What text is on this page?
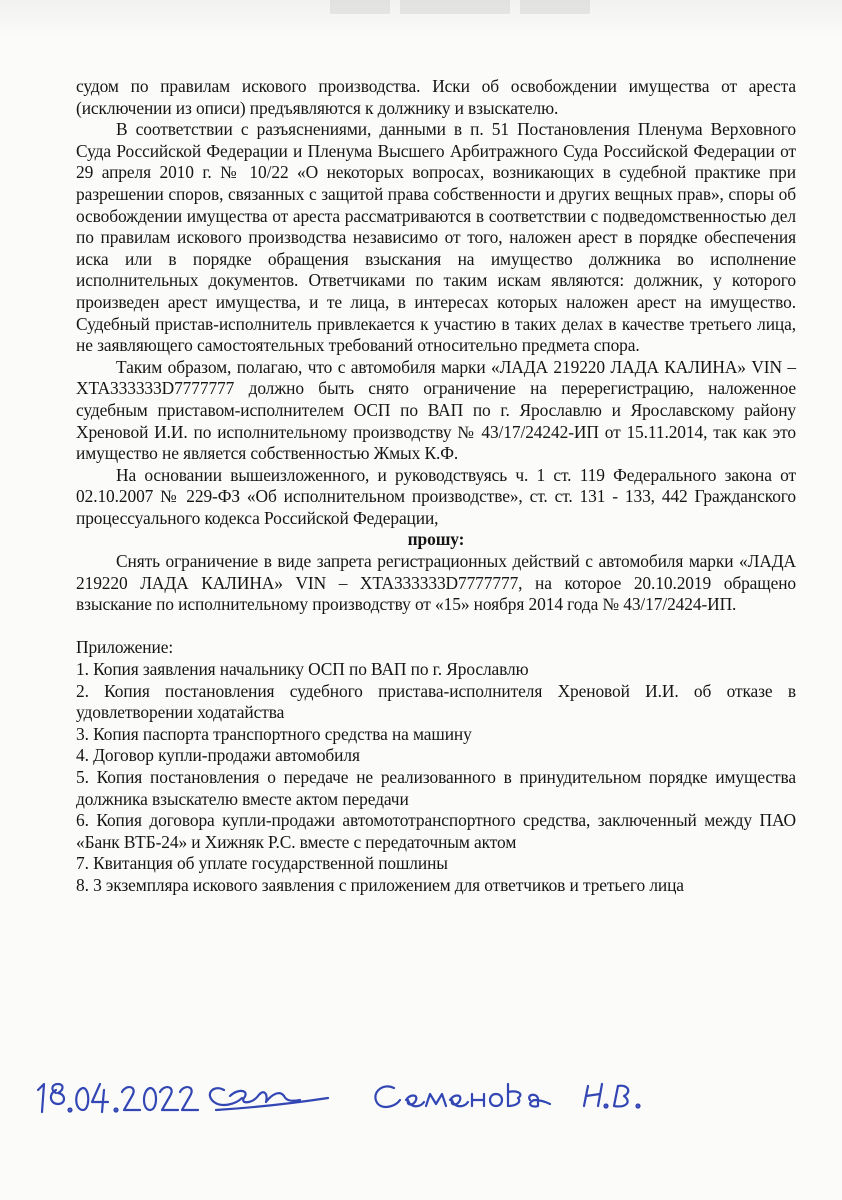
судом по правилам искового производства. Иски об освобождении имущества от ареста (исключении из описи) предъявляются к должнику и взыскателю.

В соответствии с разъяснениями, данными в п. 51 Постановления Пленума Верховного Суда Российской Федерации и Пленума Высшего Арбитражного Суда Российской Федерации от 29 апреля 2010 г. № 10/22 «О некоторых вопросах, возникающих в судебной практике при разрешении споров, связанных с защитой права собственности и других вещных прав», споры об освобождении имущества от ареста рассматриваются в соответствии с подведомственностью дел по правилам искового производства независимо от того, наложен арест в порядке обеспечения иска или в порядке обращения взыскания на имущество должника во исполнение исполнительных документов. Ответчиками по таким искам являются: должник, у которого произведен арест имущества, и те лица, в интересах которых наложен арест на имущество. Судебный пристав-исполнитель привлекается к участию в таких делах в качестве третьего лица, не заявляющего самостоятельных требований относительно предмета спора.

Таким образом, полагаю, что с автомобиля марки «ЛАДА 219220 ЛАДА КАЛИНА» VIN – XTA333333D7777777 должно быть снято ограничение на перерегистрацию, наложенное судебным приставом-исполнителем ОСП по ВАП по г. Ярославлю и Ярославскому району Хреновой И.И. по исполнительному производству № 43/17/24242-ИП от 15.11.2014, так как это имущество не является собственностью Жмых К.Ф.

На основании вышеизложенного, и руководствуясь ч. 1 ст. 119 Федерального закона от 02.10.2007 № 229-ФЗ «Об исполнительном производстве», ст. ст. 131 - 133, 442 Гражданского процессуального кодекса Российской Федерации,

прошу:

Снять ограничение в виде запрета регистрационных действий с автомобиля марки «ЛАДА 219220 ЛАДА КАЛИНА» VIN – XTA333333D7777777, на которое 20.10.2019 обращено взыскание по исполнительному производству от «15» ноября 2014 года № 43/17/2424-ИП.

Приложение:

1. Копия заявления начальнику ОСП по ВАП по г. Ярославлю

2. Копия постановления судебного пристава-исполнителя Хреновой И.И. об отказе в удовлетворении ходатайства

3. Копия паспорта транспортного средства на машину

4. Договор купли-продажи автомобиля

5. Копия постановления о передаче не реализованного в принудительном порядке имущества должника взыскателю вместе актом передачи

6. Копия договора купли-продажи автомототранспортного средства, заключенный между ПАО «Банк ВТБ-24» и Хижняк Р.С. вместе с передаточным актом

7. Квитанция об уплате государственной пошлины

8. 3 экземпляра искового заявления с приложением для ответчиков и третьего лица
